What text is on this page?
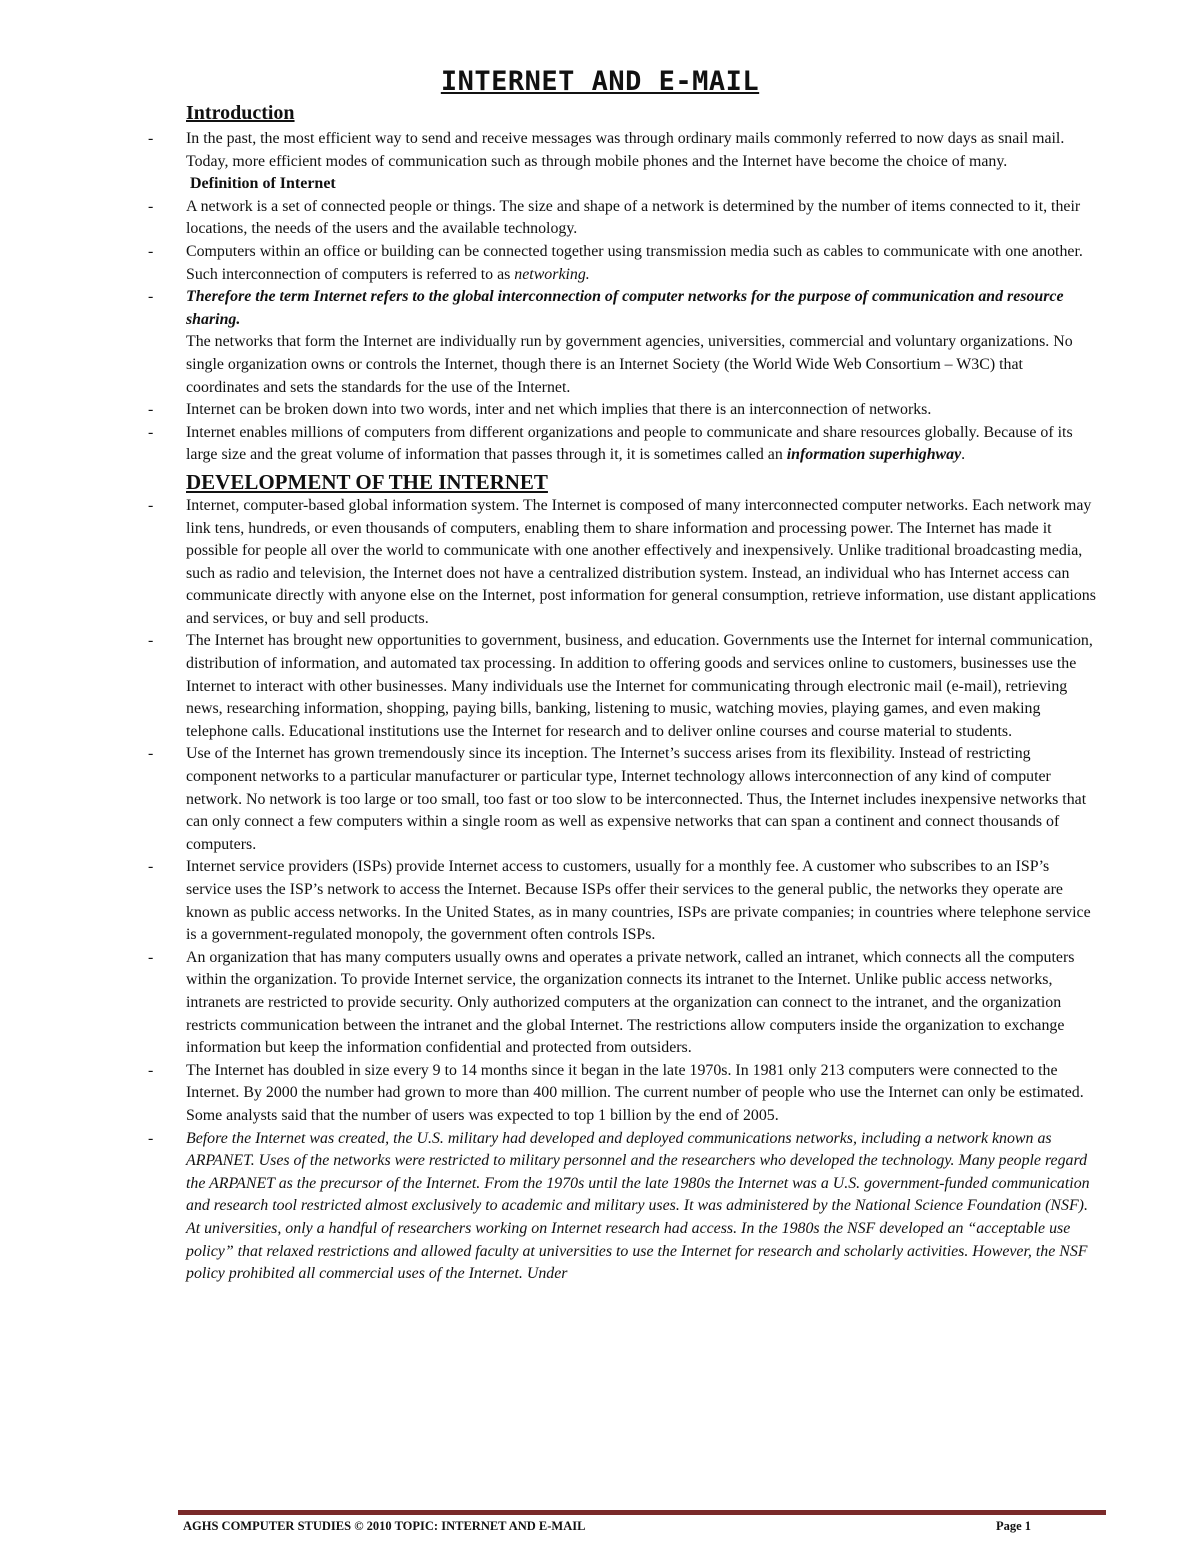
INTERNET AND E-MAIL
Introduction
-	In the past, the most efficient way to send and receive messages was through ordinary mails commonly referred to now days as snail mail. Today, more efficient modes of communication such as through mobile phones and the Internet have become the choice of many.
Definition of Internet
-	A network is a set of connected people or things. The size and shape of a network is determined by the number of items connected to it, their locations, the needs of the users and the available technology.
-	Computers within an office or building can be connected together using transmission media such as cables to communicate with one another. Such interconnection of computers is referred to as networking.
-	Therefore the term Internet refers to the global interconnection of computer networks for the purpose of communication and resource sharing.
The networks that form the Internet are individually run by government agencies, universities, commercial and voluntary organizations. No single organization owns or controls the Internet, though there is an Internet Society (the World Wide Web Consortium – W3C) that coordinates and sets the standards for the use of the Internet.
-	Internet can be broken down into two words, inter and net which implies that there is an interconnection of networks.
-	Internet enables millions of computers from different organizations and people to communicate and share resources globally. Because of its large size and the great volume of information that passes through it, it is sometimes called an information superhighway.
DEVELOPMENT OF THE INTERNET
-	Internet, computer-based global information system. The Internet is composed of many interconnected computer networks. Each network may link tens, hundreds, or even thousands of computers, enabling them to share information and processing power. The Internet has made it possible for people all over the world to communicate with one another effectively and inexpensively. Unlike traditional broadcasting media, such as radio and television, the Internet does not have a centralized distribution system. Instead, an individual who has Internet access can communicate directly with anyone else on the Internet, post information for general consumption, retrieve information, use distant applications and services, or buy and sell products.
-	The Internet has brought new opportunities to government, business, and education. Governments use the Internet for internal communication, distribution of information, and automated tax processing. In addition to offering goods and services online to customers, businesses use the Internet to interact with other businesses. Many individuals use the Internet for communicating through electronic mail (e-mail), retrieving news, researching information, shopping, paying bills, banking, listening to music, watching movies, playing games, and even making telephone calls. Educational institutions use the Internet for research and to deliver online courses and course material to students.
-	Use of the Internet has grown tremendously since its inception. The Internet’s success arises from its flexibility. Instead of restricting component networks to a particular manufacturer or particular type, Internet technology allows interconnection of any kind of computer network. No network is too large or too small, too fast or too slow to be interconnected. Thus, the Internet includes inexpensive networks that can only connect a few computers within a single room as well as expensive networks that can span a continent and connect thousands of computers.
-	Internet service providers (ISPs) provide Internet access to customers, usually for a monthly fee. A customer who subscribes to an ISP’s service uses the ISP’s network to access the Internet. Because ISPs offer their services to the general public, the networks they operate are known as public access networks. In the United States, as in many countries, ISPs are private companies; in countries where telephone service is a government-regulated monopoly, the government often controls ISPs.
-	An organization that has many computers usually owns and operates a private network, called an intranet, which connects all the computers within the organization. To provide Internet service, the organization connects its intranet to the Internet. Unlike public access networks, intranets are restricted to provide security. Only authorized computers at the organization can connect to the intranet, and the organization restricts communication between the intranet and the global Internet. The restrictions allow computers inside the organization to exchange information but keep the information confidential and protected from outsiders.
-	The Internet has doubled in size every 9 to 14 months since it began in the late 1970s. In 1981 only 213 computers were connected to the Internet. By 2000 the number had grown to more than 400 million. The current number of people who use the Internet can only be estimated. Some analysts said that the number of users was expected to top 1 billion by the end of 2005.
-	Before the Internet was created, the U.S. military had developed and deployed communications networks, including a network known as ARPANET. Uses of the networks were restricted to military personnel and the researchers who developed the technology. Many people regard the ARPANET as the precursor of the Internet. From the 1970s until the late 1980s the Internet was a U.S. government-funded communication and research tool restricted almost exclusively to academic and military uses. It was administered by the National Science Foundation (NSF). At universities, only a handful of researchers working on Internet research had access. In the 1980s the NSF developed an “acceptable use policy” that relaxed restrictions and allowed faculty at universities to use the Internet for research and scholarly activities. However, the NSF policy prohibited all commercial uses of the Internet. Under
AGHS COMPUTER STUDIES © 2010 TOPIC: INTERNET AND E-MAIL	Page 1
